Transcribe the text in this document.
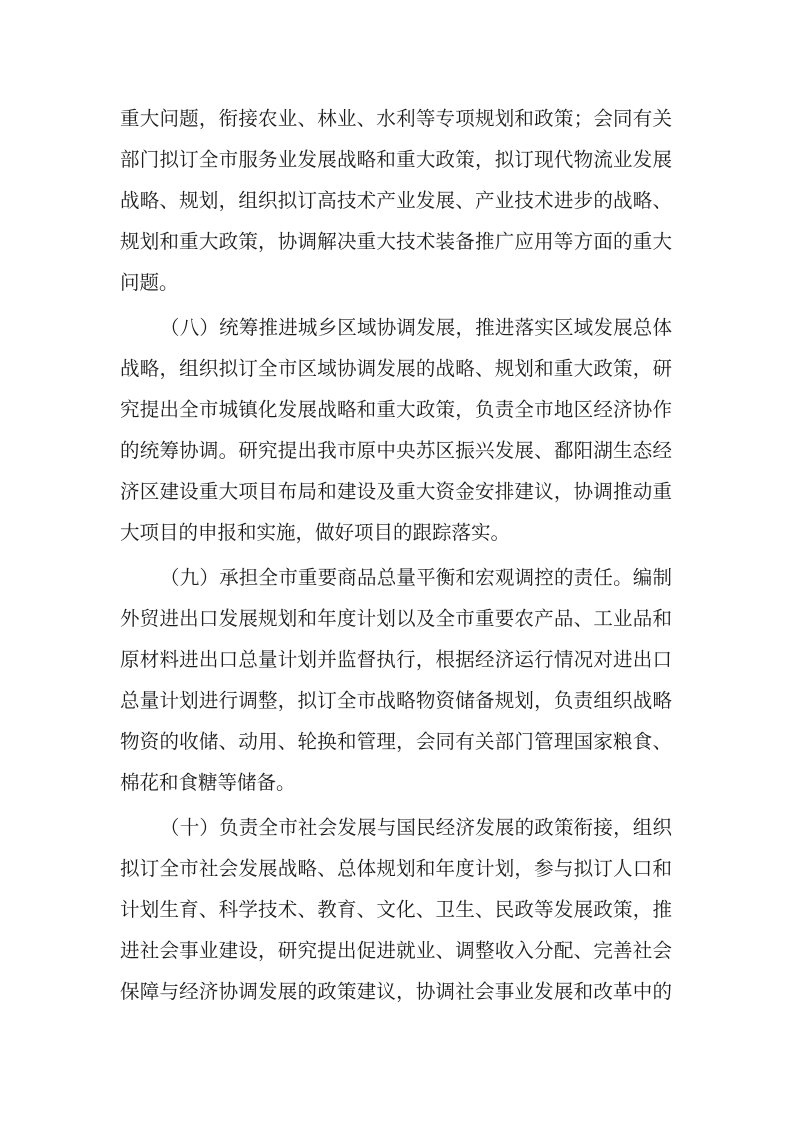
重大问题，衔接农业、林业、水利等专项规划和政策；会同有关
部门拟订全市服务业发展战略和重大政策，拟订现代物流业发展
战略、规划，组织拟订高技术产业发展、产业技术进步的战略、
规划和重大政策，协调解决重大技术装备推广应用等方面的重大
问题。
（八）统筹推进城乡区域协调发展，推进落实区域发展总体
战略，组织拟订全市区域协调发展的战略、规划和重大政策，研
究提出全市城镇化发展战略和重大政策，负责全市地区经济协作
的统筹协调。研究提出我市原中央苏区振兴发展、鄱阳湖生态经
济区建设重大项目布局和建设及重大资金安排建议，协调推动重
大项目的申报和实施，做好项目的跟踪落实。
（九）承担全市重要商品总量平衡和宏观调控的责任。编制
外贸进出口发展规划和年度计划以及全市重要农产品、工业品和
原材料进出口总量计划并监督执行，根据经济运行情况对进出口
总量计划进行调整，拟订全市战略物资储备规划，负责组织战略
物资的收储、动用、轮换和管理，会同有关部门管理国家粮食、
棉花和食糖等储备。
（十）负责全市社会发展与国民经济发展的政策衔接，组织
拟订全市社会发展战略、总体规划和年度计划，参与拟订人口和
计划生育、科学技术、教育、文化、卫生、民政等发展政策，推
进社会事业建设，研究提出促进就业、调整收入分配、完善社会
保障与经济协调发展的政策建议，协调社会事业发展和改革中的
